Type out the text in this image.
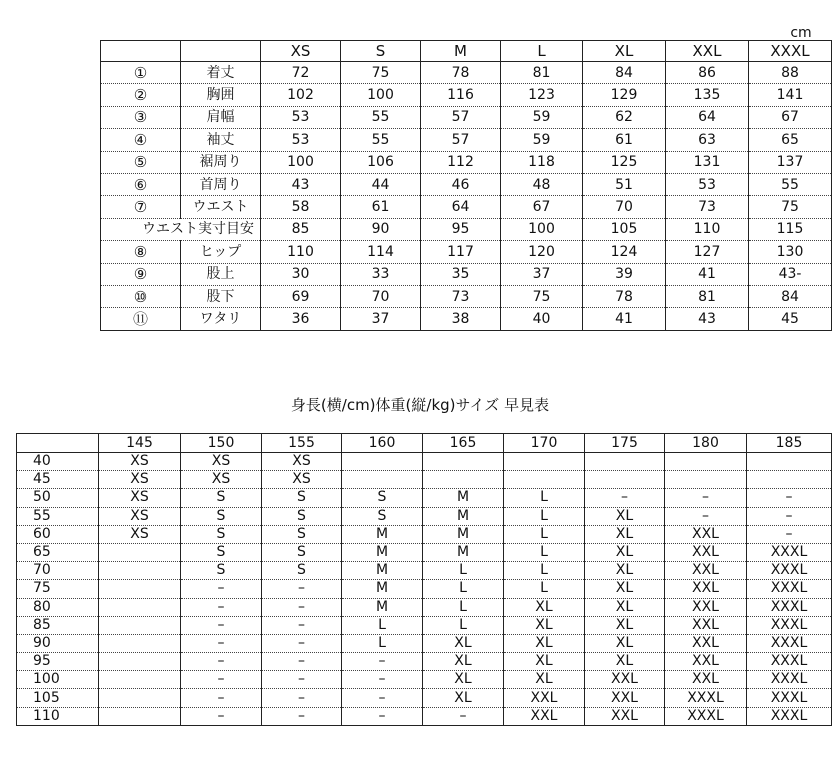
cm
		XS	S	M	L	XL	XXL	XXXL
①	着丈	72	75	78	81	84	86	88
②	胸囲	102	100	116	123	129	135	141
③	肩幅	53	55	57	59	62	64	67
④	袖丈	53	55	57	59	61	63	65
⑤	裾周り	100	106	112	118	125	131	137
⑥	首周り	43	44	46	48	51	53	55
⑦	ウエスト	58	61	64	67	70	73	75
ウエスト実寸目安		85	90	95	100	105	110	115
⑧	ヒップ	110	114	117	120	124	127	130
⑨	股上	30	33	35	37	39	41	43-
⑩	股下	69	70	73	75	78	81	84
⑪	ワタリ	36	37	38	40	41	43	45
身長(横/cm)体重(縦/kg)サイズ 早見表
	145	150	155	160	165	170	175	180	185
40	XS	XS	XS						
45	XS	XS	XS						
50	XS	S	S	S	M	L	–	–	–
55	XS	S	S	S	M	L	XL	–	–
60	XS	S	S	M	M	L	XL	XXL	–
65		S	S	M	M	L	XL	XXL	XXXL
70		S	S	M	L	L	XL	XXL	XXXL
75		–	–	M	L	L	XL	XXL	XXXL
80		–	–	M	L	XL	XL	XXL	XXXL
85		–	–	L	L	XL	XL	XXL	XXXL
90		–	–	L	XL	XL	XL	XXL	XXXL
95		–	–	–	XL	XL	XL	XXL	XXXL
100		–	–	–	XL	XL	XXL	XXL	XXXL
105		–	–	–	XL	XXL	XXL	XXXL	XXXL
110		–	–	–	–	XXL	XXL	XXXL	XXXL
